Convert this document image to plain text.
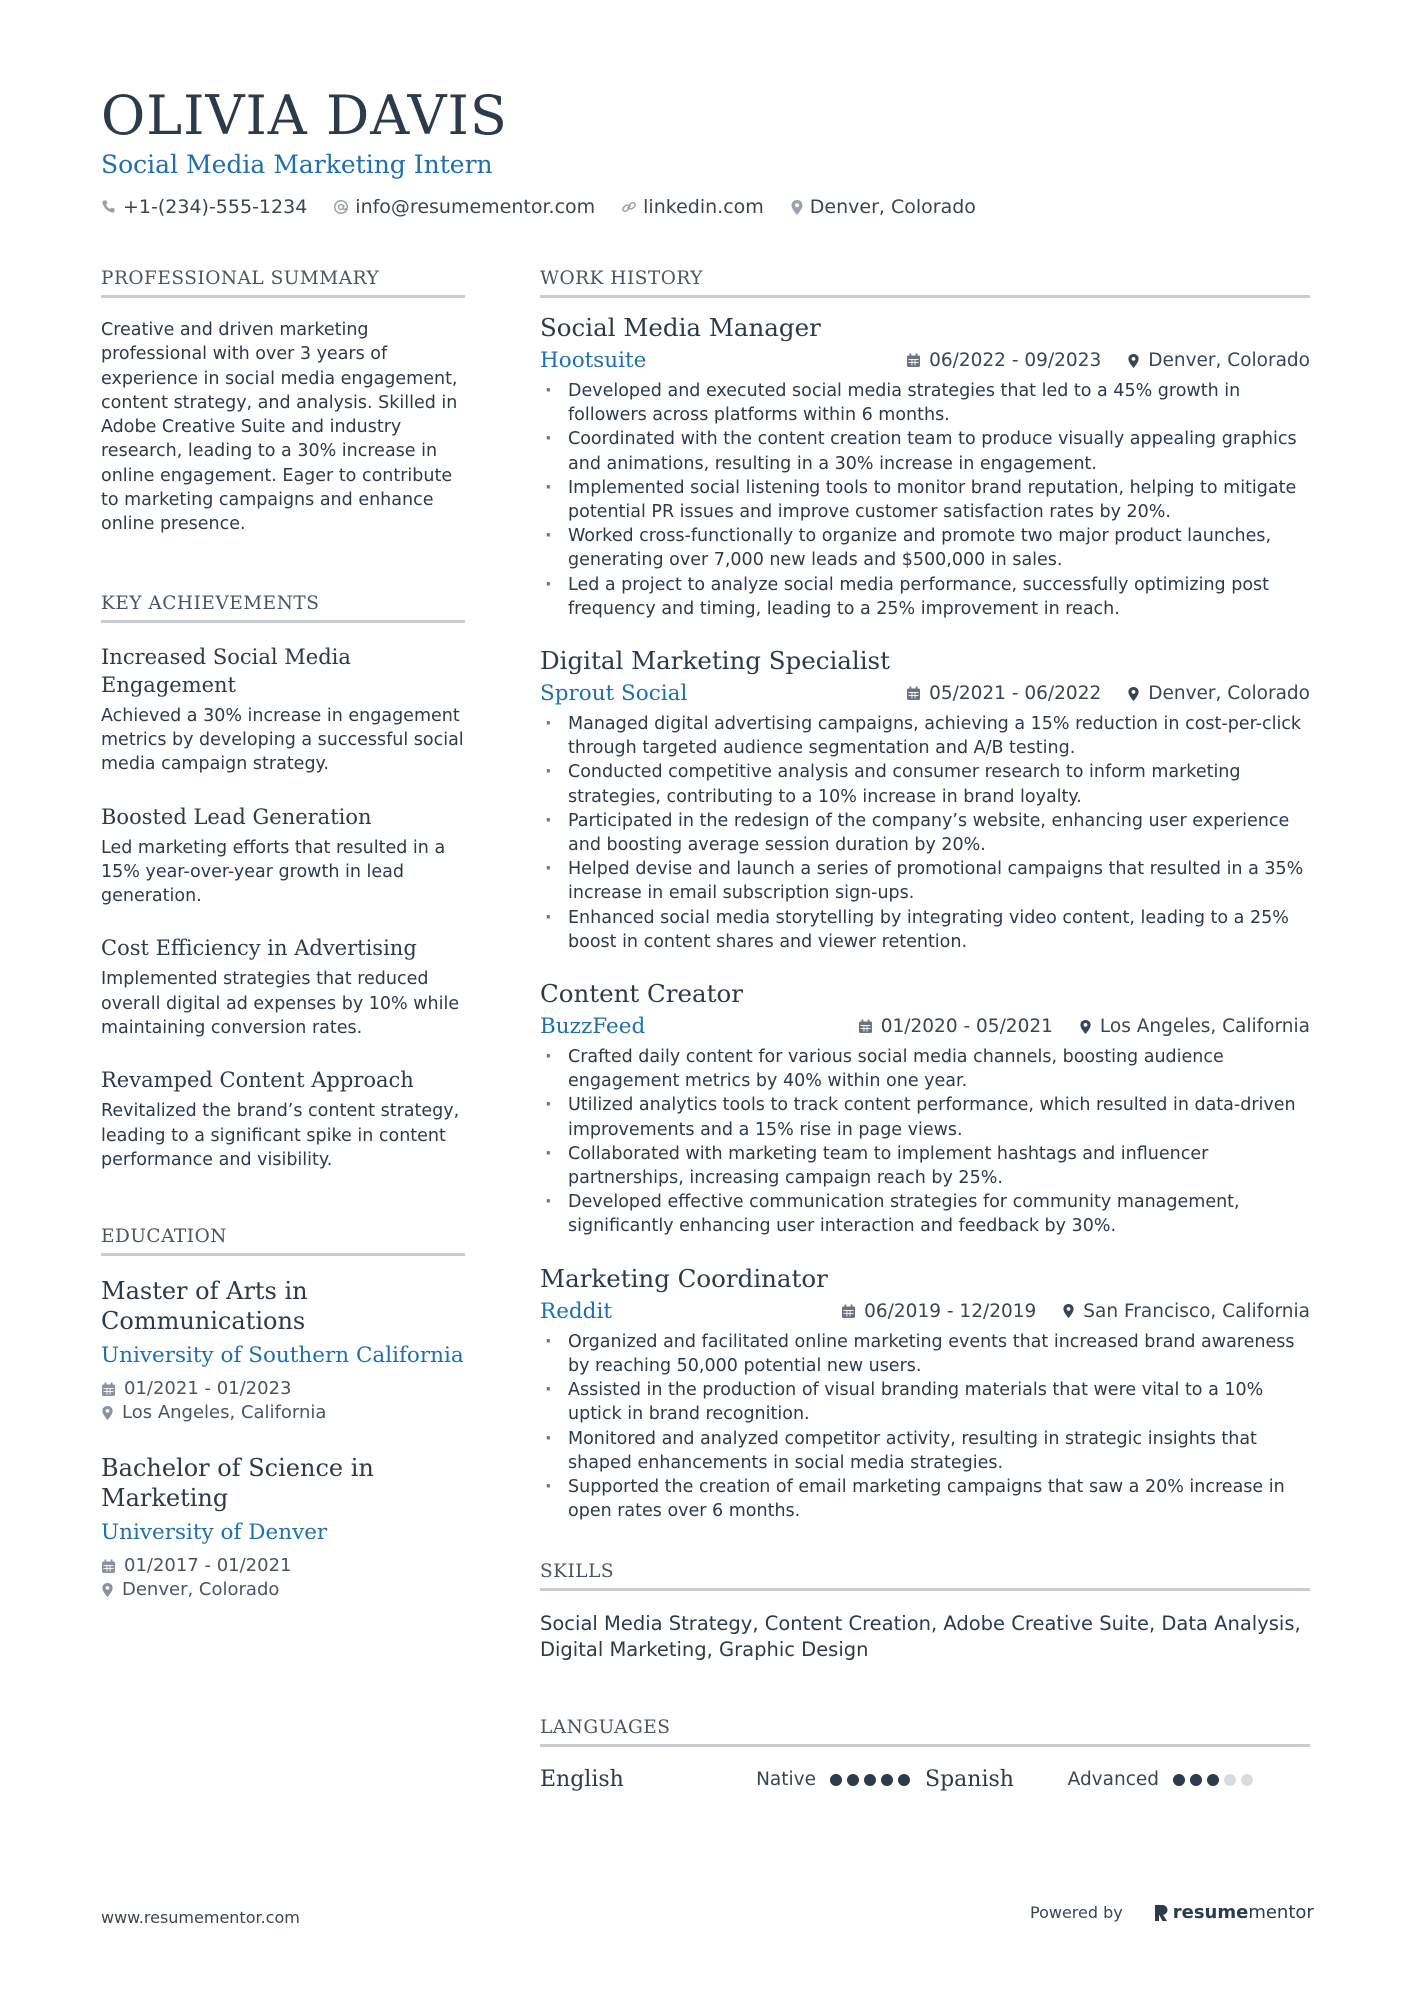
OLIVIA DAVIS
Social Media Marketing Intern
+1-(234)-555-1234	info@resumementor.com	linkedin.com Denver, Colorado
PROFESSIONAL SUMMARY

Creative and driven marketing professional with over 3 years of experience in social media engagement, content strategy, and analysis. Skilled in Adobe Creative Suite and industry research, leading to a 30% increase in online engagement. Eager to contribute to marketing campaigns and enhance online presence.

KEY ACHIEVEMENTS
Increased Social Media Engagement
Achieved a 30% increase in engagement metrics by developing a successful social media campaign strategy.
Boosted Lead Generation
Led marketing efforts that resulted in a 15% year-over-year growth in lead generation.
Cost Efficiency in Advertising
Implemented strategies that reduced overall digital ad expenses by 10% while maintaining conversion rates.
Revamped Content Approach
Revitalized the brand’s content strategy, leading to a significant spike in content performance and visibility.
EDUCATION
Master of Arts in Communications
University of Southern California
01/2021 - 01/2023
Los Angeles, California
Bachelor of Science in Marketing
University of Denver
01/2017 - 01/2021
Denver, Colorado
WORK HISTORY
Social Media Manager
Hootsuite	06/2022 - 09/2023	Denver, Colorado
· Developed and executed social media strategies that led to a 45% growth in followers across platforms within 6 months.
· Coordinated with the content creation team to produce visually appealing graphics and animations, resulting in a 30% increase in engagement.
· Implemented social listening tools to monitor brand reputation, helping to mitigate potential PR issues and improve customer satisfaction rates by 20%.
· Worked cross-functionally to organize and promote two major product launches, generating over 7,000 new leads and $500,000 in sales.
· Led a project to analyze social media performance, successfully optimizing post frequency and timing, leading to a 25% improvement in reach.
Digital Marketing Specialist
Sprout Social	05/2021 - 06/2022	Denver, Colorado
· Managed digital advertising campaigns, achieving a 15% reduction in cost-per-click through targeted audience segmentation and A/B testing.
· Conducted competitive analysis and consumer research to inform marketing strategies, contributing to a 10% increase in brand loyalty.
· Participated in the redesign of the company’s website, enhancing user experience and boosting average session duration by 20%.
· Helped devise and launch a series of promotional campaigns that resulted in a 35% increase in email subscription sign-ups.
· Enhanced social media storytelling by integrating video content, leading to a 25% boost in content shares and viewer retention.
Content Creator
BuzzFeed	01/2020 - 05/2021	Los Angeles, California
· Crafted daily content for various social media channels, boosting audience engagement metrics by 40% within one year.
· Utilized analytics tools to track content performance, which resulted in data-driven improvements and a 15% rise in page views.
· Collaborated with marketing team to implement hashtags and influencer partnerships, increasing campaign reach by 25%.
· Developed effective communication strategies for community management, significantly enhancing user interaction and feedback by 30%.
Marketing Coordinator
Reddit	06/2019 - 12/2019	San Francisco, California
· Organized and facilitated online marketing events that increased brand awareness by reaching 50,000 potential new users.
· Assisted in the production of visual branding materials that were vital to a 10% uptick in brand recognition.
· Monitored and analyzed competitor activity, resulting in strategic insights that shaped enhancements in social media strategies.
· Supported the creation of email marketing campaigns that saw a 20% increase in open rates over 6 months.
SKILLS

Social Media Strategy, Content Creation, Adobe Creative Suite, Data Analysis, Digital Marketing, Graphic Design

LANGUAGES
English	Native	Spanish	Advanced
www.resumementor.com	Powered by	resume mentor
